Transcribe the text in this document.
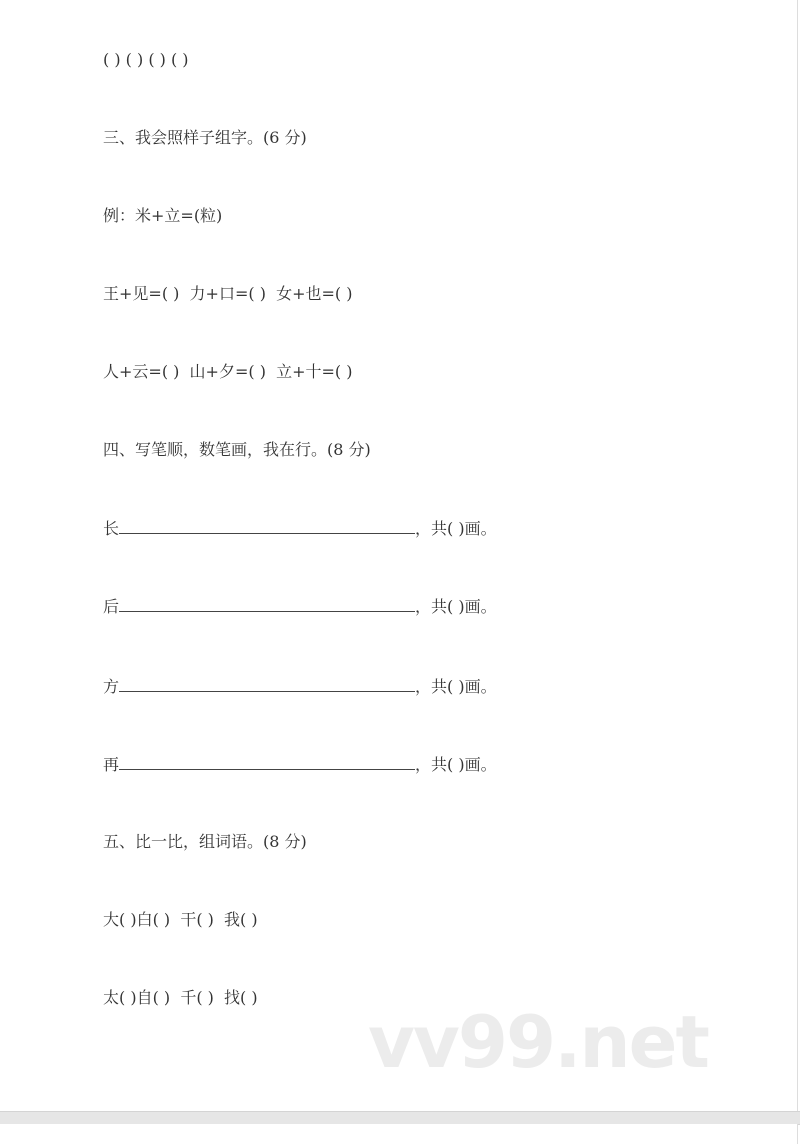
( ) ( ) ( ) ( )
三、我会照样子组字。(6 分)
例：米+立=(粒)
王+见=( )  力+口=( )  女+也=( )
人+云=( )  山+夕=( )  立+十=( )
四、写笔顺，数笔画，我在行。(8 分)
长	，共( )画。
后	，共( )画。
方	，共( )画。
再	，共( )画。
五、比一比，组词语。(8 分)
大( )白( )  干( )  我( )
太( )自( )  千( )  找( )
vv99.net
